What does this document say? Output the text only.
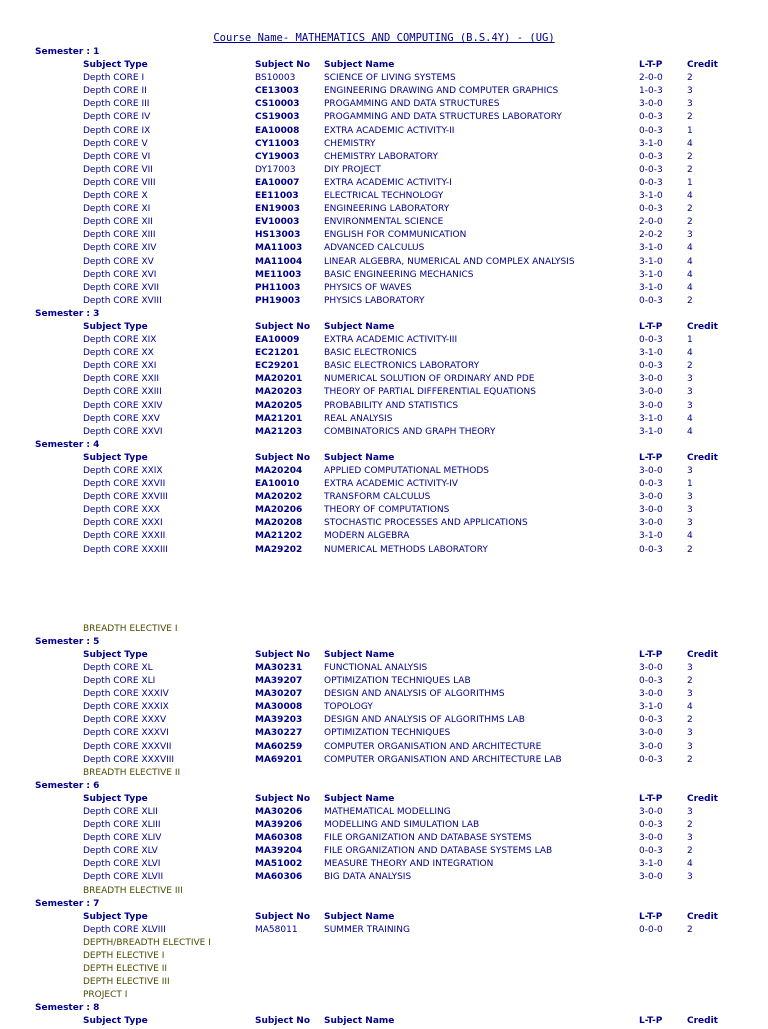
Course Name- MATHEMATICS AND COMPUTING (B.S.4Y) - (UG)
Semester : 1
Subject Type	Subject No Subject Name	L-T-P	Credit
Depth CORE I	BS10003	SCIENCE OF LIVING SYSTEMS	2-0-0	2
Depth CORE II	CE13003	ENGINEERING DRAWING AND COMPUTER GRAPHICS	1-0-3	3
Depth CORE III	CS10003	PROGAMMING AND DATA STRUCTURES	3-0-0	3
Depth CORE IV	CS19003	PROGAMMING AND DATA STRUCTURES LABORATORY	0-0-3	2
Depth CORE IX	EA10008	EXTRA ACADEMIC ACTIVITY-II	0-0-3	1
Depth CORE V	CY11003	CHEMISTRY	3-1-0	4
Depth CORE VI	CY19003	CHEMISTRY LABORATORY	0-0-3	2
Depth CORE VII	DY17003	DIY PROJECT	0-0-3	2
Depth CORE VIII	EA10007	EXTRA ACADEMIC ACTIVITY-I	0-0-3	1
Depth CORE X	EE11003	ELECTRICAL TECHNOLOGY	3-1-0	4
Depth CORE XI	EN19003	ENGINEERING LABORATORY	0-0-3	2
Depth CORE XII	EV10003	ENVIRONMENTAL SCIENCE	2-0-0	2
Depth CORE XIII	HS13003	ENGLISH FOR COMMUNICATION	2-0-2	3
Depth CORE XIV	MA11003 ADVANCED CALCULUS	3-1-0	4
Depth CORE XV	MA11004 LINEAR ALGEBRA, NUMERICAL AND COMPLEX ANALYSIS	3-1-0	4
Depth CORE XVI	ME11003	BASIC ENGINEERING MECHANICS	3-1-0	4
Depth CORE XVII	PH11003	PHYSICS OF WAVES	3-1-0	4
Depth CORE XVIII	PH19003	PHYSICS LABORATORY	0-0-3	2
Semester : 3
Subject Type	Subject No Subject Name	L-T-P	Credit
Depth CORE XIX	EA10009	EXTRA ACADEMIC ACTIVITY-III	0-0-3	1
Depth CORE XX	EC21201	BASIC ELECTRONICS	3-1-0	4
Depth CORE XXI	EC29201	BASIC ELECTRONICS LABORATORY	0-0-3	2
Depth CORE XXII	MA20201 NUMERICAL SOLUTION OF ORDINARY AND PDE	3-0-0	3
Depth CORE XXIII	MA20203 THEORY OF PARTIAL DIFFERENTIAL EQUATIONS	3-0-0	3
Depth CORE XXIV	MA20205 PROBABILITY AND STATISTICS	3-0-0	3
Depth CORE XXV	MA21201 REAL ANALYSIS	3-1-0	4
Depth CORE XXVI	MA21203 COMBINATORICS AND GRAPH THEORY	3-1-0	4
Semester : 4
Subject Type	Subject No Subject Name	L-T-P	Credit
Depth CORE XXIX	MA20204 APPLIED COMPUTATIONAL METHODS	3-0-0	3
Depth CORE XXVII	EA10010	EXTRA ACADEMIC ACTIVITY-IV	0-0-3	1
Depth CORE XXVIII	MA20202 TRANSFORM CALCULUS	3-0-0	3
Depth CORE XXX	MA20206 THEORY OF COMPUTATIONS	3-0-0	3
Depth CORE XXXI	MA20208 STOCHASTIC PROCESSES AND APPLICATIONS	3-0-0	3
Depth CORE XXXII	MA21202 MODERN ALGEBRA	3-1-0	4
Depth CORE XXXIII	MA29202 NUMERICAL METHODS LABORATORY	0-0-3	2
BREADTH ELECTIVE I
Semester : 5
Subject Type	Subject No Subject Name	L-T-P	Credit
Depth CORE XL	MA30231 FUNCTIONAL ANALYSIS	3-0-0	3
Depth CORE XLI	MA39207 OPTIMIZATION TECHNIQUES LAB	0-0-3	2
Depth CORE XXXIV	MA30207 DESIGN AND ANALYSIS OF ALGORITHMS	3-0-0	3
Depth CORE XXXIX	MA30008 TOPOLOGY	3-1-0	4
Depth CORE XXXV	MA39203 DESIGN AND ANALYSIS OF ALGORITHMS LAB	0-0-3	2
Depth CORE XXXVI	MA30227 OPTIMIZATION TECHNIQUES	3-0-0	3
Depth CORE XXXVII	MA60259 COMPUTER ORGANISATION AND ARCHITECTURE	3-0-0	3
Depth CORE XXXVIII	MA69201 COMPUTER ORGANISATION AND ARCHITECTURE LAB	0-0-3	2
BREADTH ELECTIVE II
Semester : 6
Subject Type	Subject No Subject Name	L-T-P	Credit
Depth CORE XLII	MA30206 MATHEMATICAL MODELLING	3-0-0	3
Depth CORE XLIII	MA39206 MODELLING AND SIMULATION LAB	0-0-3	2
Depth CORE XLIV	MA60308 FILE ORGANIZATION AND DATABASE SYSTEMS	3-0-0	3
Depth CORE XLV	MA39204 FILE ORGANIZATION AND DATABASE SYSTEMS LAB	0-0-3	2
Depth CORE XLVI	MA51002 MEASURE THEORY AND INTEGRATION	3-1-0	4
Depth CORE XLVII	MA60306 BIG DATA ANALYSIS	3-0-0	3
BREADTH ELECTIVE III
Semester : 7
Subject Type	Subject No Subject Name	L-T-P	Credit
Depth CORE XLVIII	MA58011	SUMMER TRAINING	0-0-0	2
DEPTH/BREADTH ELECTIVE I
DEPTH ELECTIVE I
DEPTH ELECTIVE II
DEPTH ELECTIVE III
PROJECT I
Semester : 8
Subject Type	Subject No Subject Name	L-T-P	Credit
